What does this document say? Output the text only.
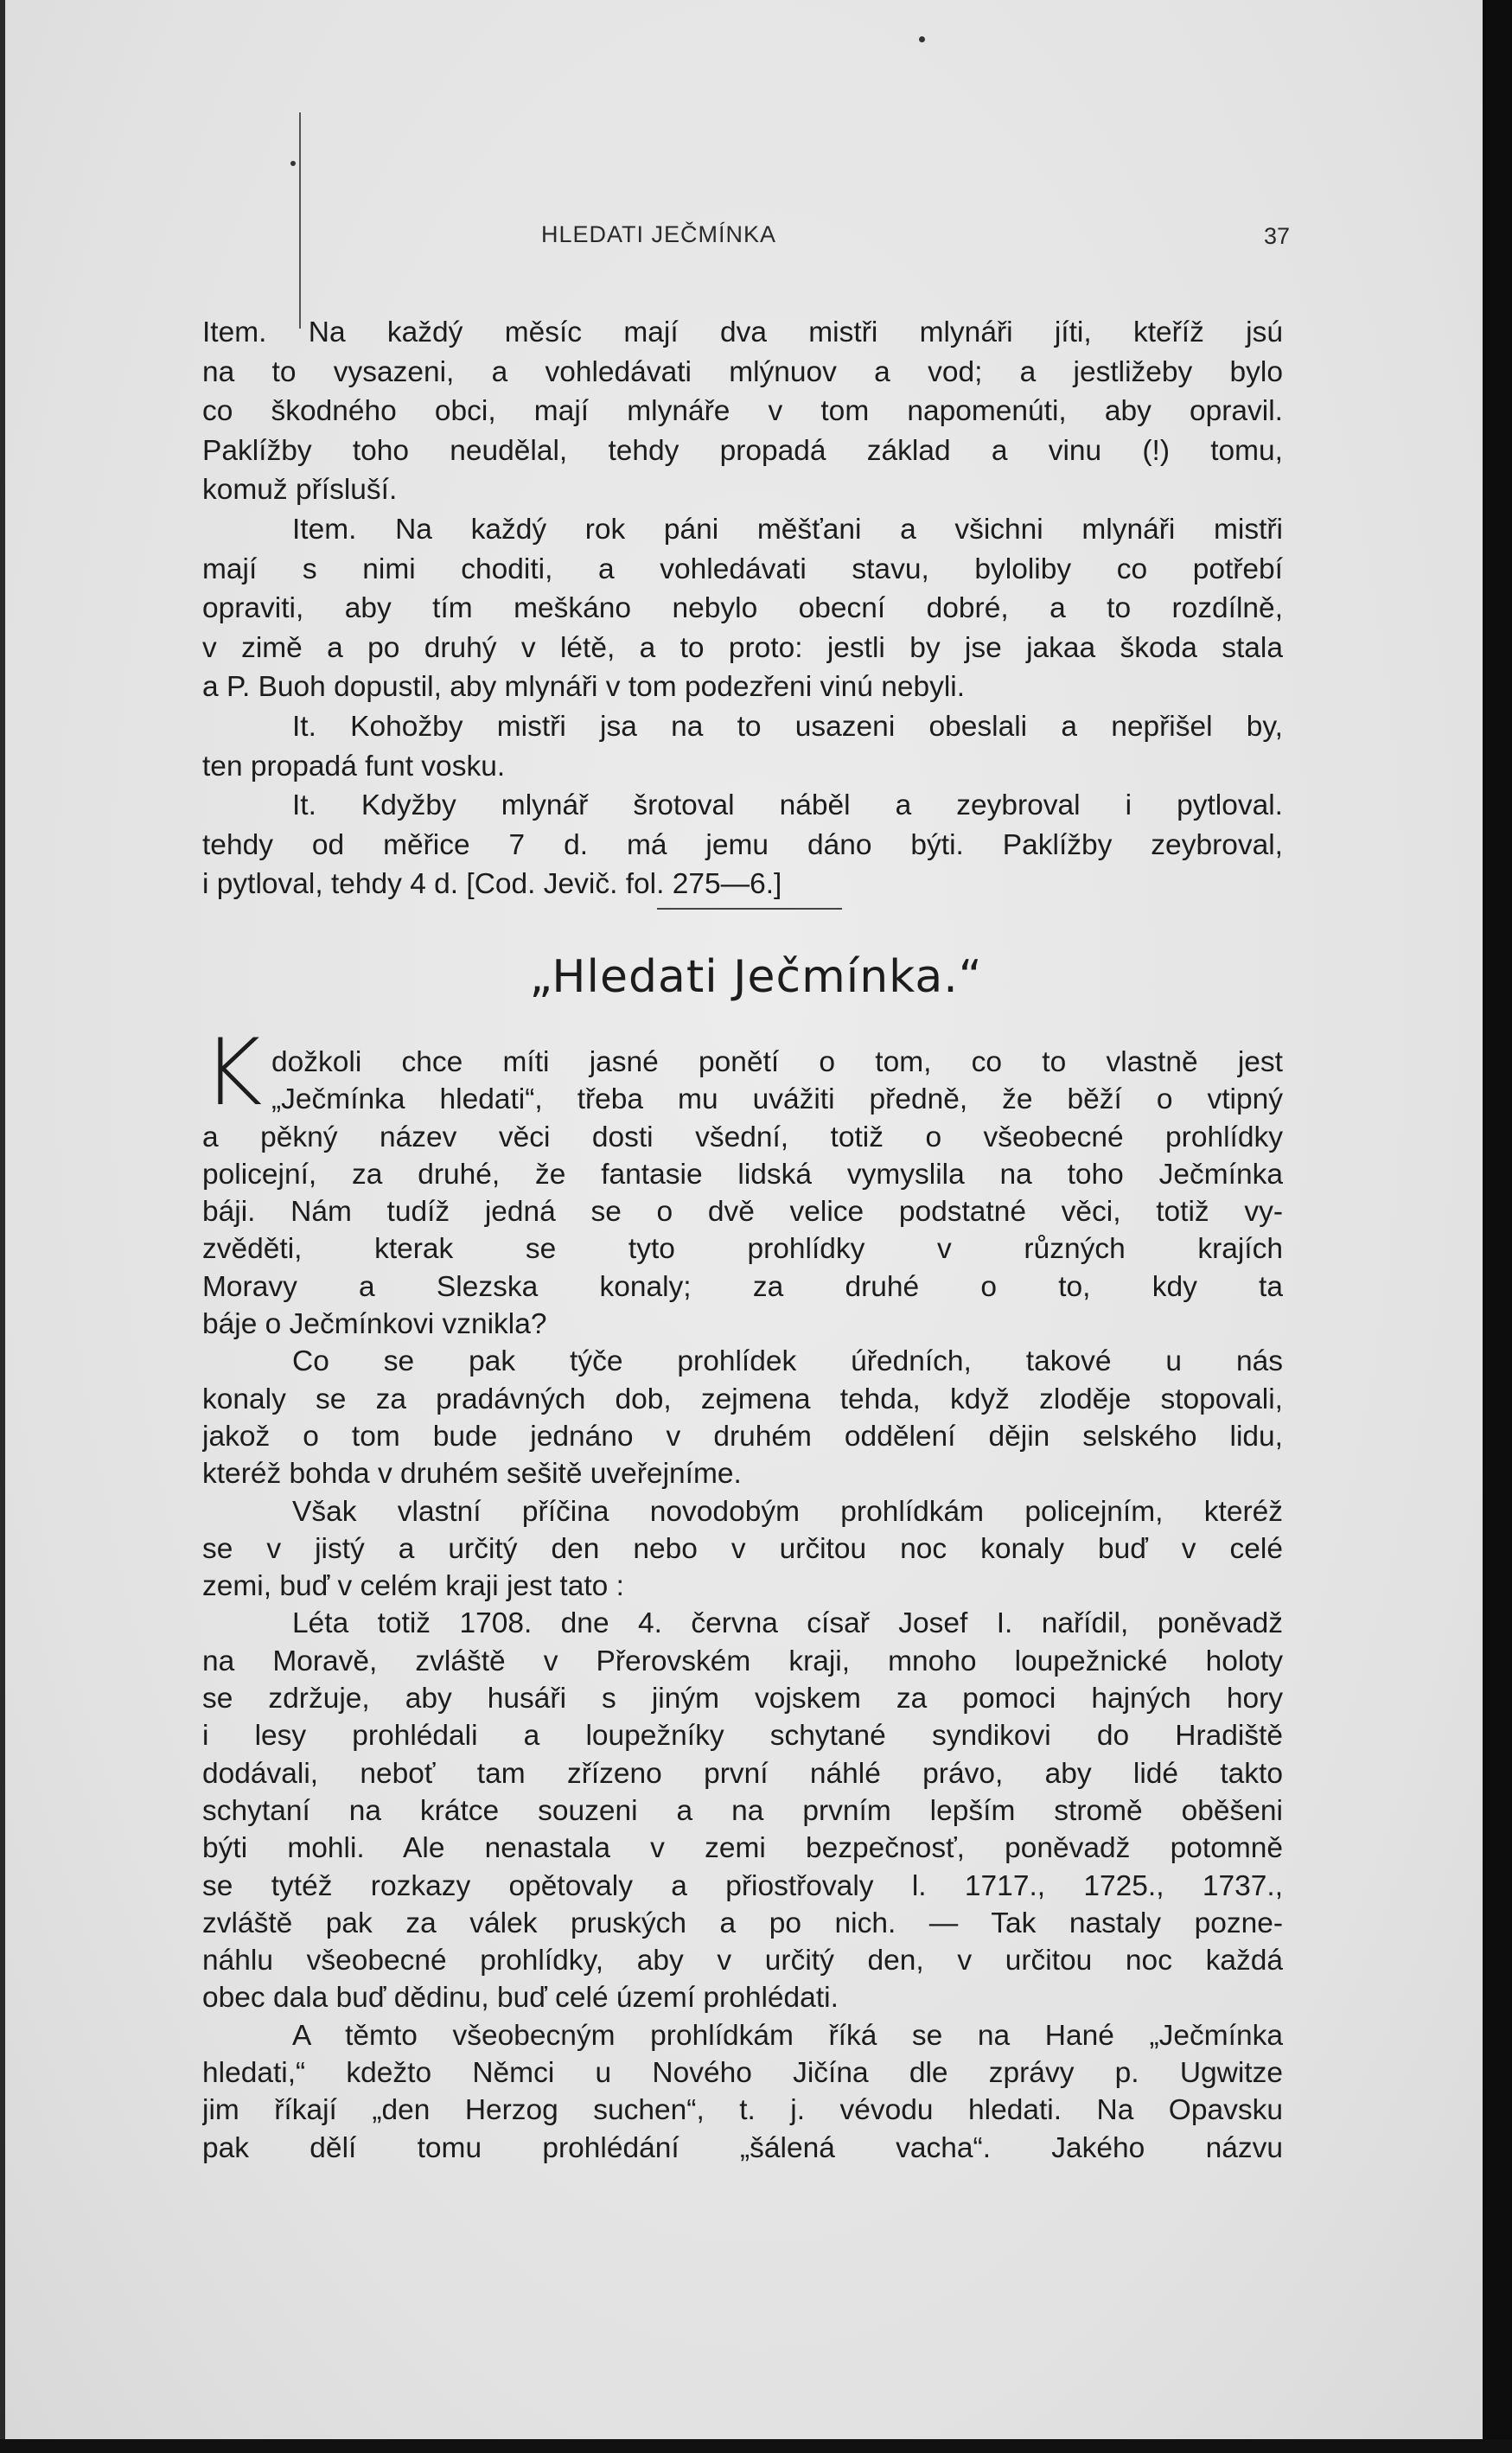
HLEDATI JEČMÍNKA	37
Item. Na každý měsíc mají dva mistři mlynáři jíti, kteříž jsú
na to vysazeni, a vohledávati mlýnuov a vod; a jestližeby bylo
co škodného obci, mají mlynáře v tom napomenúti, aby opravil.
Paklížby toho neudělal, tehdy propadá základ a vinu (!) tomu,
komuž přísluší.
Item. Na každý rok páni měšťani a všichni mlynáři mistři
mají s nimi choditi, a vohledávati stavu, byloliby co potřebí
opraviti, aby tím meškáno nebylo obecní dobré, a to rozdílně,
v zimě a po druhý v létě, a to proto: jestli by jse jakaa škoda stala
a P. Buoh dopustil, aby mlynáři v tom podezřeni vinú nebyli.
It. Kohožby mistři jsa na to usazeni obeslali a nepřišel by,
ten propadá funt vosku.
It. Kdyžby mlynář šrotoval náběl a zeybroval i pytloval.
tehdy od měřice 7 d. má jemu dáno býti. Paklížby zeybroval,
i pytloval, tehdy 4 d. [Cod. Jevič. fol. 275—6.]
„Hledati Ječmínka.“
K dožkoli chce míti jasné ponětí o tom, co to vlastně jest
„Ječmínka hledati“, třeba mu uvážiti předně, že běží o vtipný
a pěkný název věci dosti všední, totiž o všeobecné prohlídky
policejní, za druhé, že fantasie lidská vymyslila na toho Ječmínka
báji. Nám tudíž jedná se o dvě velice podstatné věci, totiž vy-
zvěděti, kterak se tyto prohlídky v různých krajích
Moravy a Slezska konaly; za druhé o to, kdy ta
báje o Ječmínkovi vznikla?
Co se pak týče prohlídek úředních, takové u nás
konaly se za pradávných dob, zejmena tehda, když zloděje stopovali,
jakož o tom bude jednáno v druhém oddělení dějin selského lidu,
kteréž bohda v druhém sešitě uveřejníme.
Však vlastní příčina novodobým prohlídkám policejním, kteréž
se v jistý a určitý den nebo v určitou noc konaly buď v celé
zemi, buď v celém kraji jest tato :
Léta totiž 1708. dne 4. června císař Josef I. nařídil, poněvadž
na Moravě, zvláště v Přerovském kraji, mnoho loupežnické holoty
se zdržuje, aby husáři s jiným vojskem za pomoci hajných hory
i lesy prohlédali a loupežníky schytané syndikovi do Hradiště
dodávali, neboť tam zřízeno první náhlé právo, aby lidé takto
schytaní na krátce souzeni a na prvním lepším stromě oběšeni
býti mohli. Ale nenastala v zemi bezpečnosť, poněvadž potomně
se tytéž rozkazy opětovaly a přiostřovaly l. 1717., 1725., 1737.,
zvláště pak za válek pruských a po nich. — Tak nastaly pozne-
náhlu všeobecné prohlídky, aby v určitý den, v určitou noc každá
obec dala buď dědinu, buď celé území prohlédati.
A těmto všeobecným prohlídkám říká se na Hané „Ječmínka
hledati,“ kdežto Němci u Nového Jičína dle zprávy p. Ugwitze
jim říkají „den Herzog suchen“, t. j. vévodu hledati. Na Opavsku
pak dělí tomu prohlédání „šálená vacha“. Jakého názvu
